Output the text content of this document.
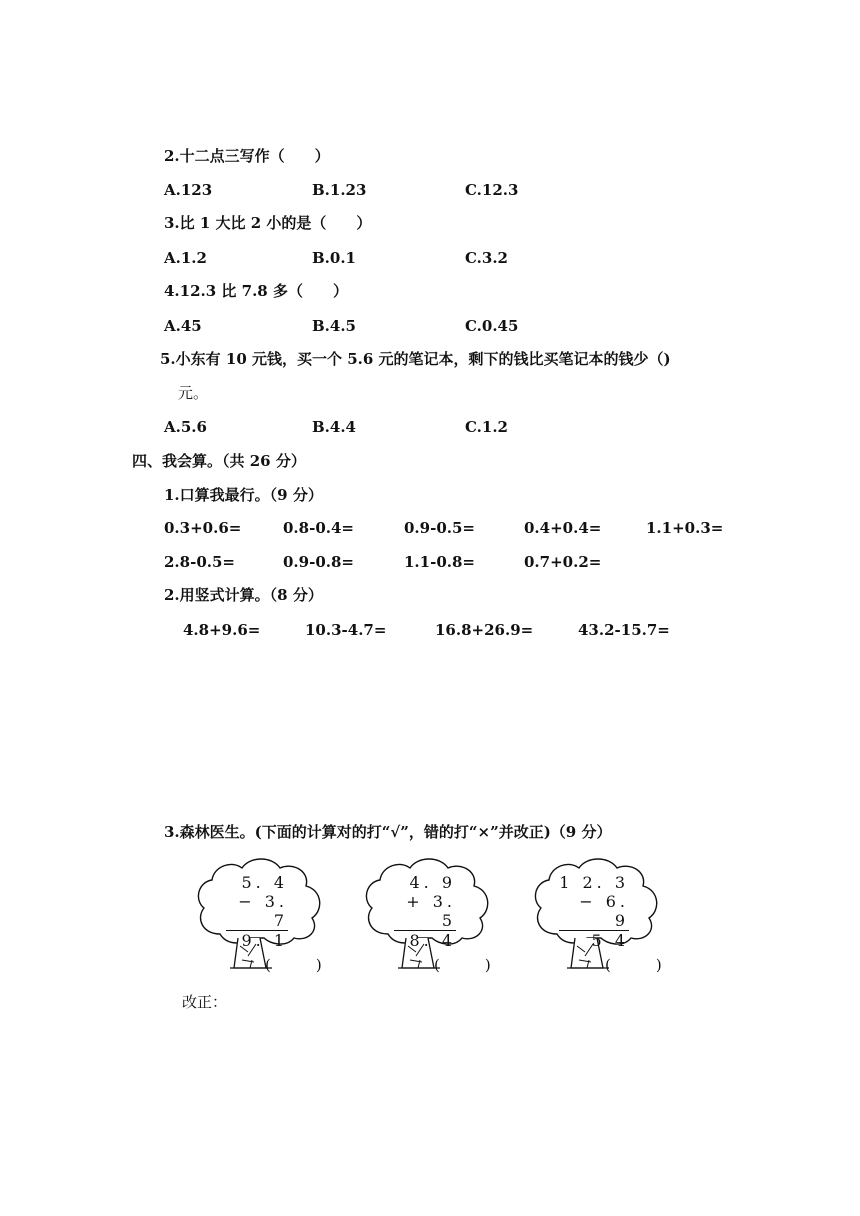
2.十二点三写作（　　）
A.123	B.1.23	C.12.3
3.比 1 大比 2 小的是（　　）
A.1.2	B.0.1	C.3.2
4.12.3 比 7.8 多（　　）
A.45	B.4.5	C.0.45
5.小东有 10 元钱，买一个 5.6 元的笔记本，剩下的钱比买笔记本的钱少（)
元。
A.5.6	B.4.4	C.1.2
四、我会算。（共 26 分）
1.口算我最行。（9 分）
0.3+0.6=	0.8-0.4=	0.9-0.5=	0.4+0.4=	1.1+0.3=
2.8-0.5=	0.9-0.8=	1.1-0.8=	0.7+0.2=
2.用竖式计算。（8 分）
4.8+9.6=	10.3-4.7=	16.8+26.9=	43.2-15.7=
3.森林医生。(下面的计算对的打“√”，错的打“×”并改正)（9 分）
5. 4
− 3. 7
9. 1
(　　　)
4. 9
+ 3. 5
8. 4
(　　　)
1 2. 3
− 6. 9
5 4
(　　　)
改正：
